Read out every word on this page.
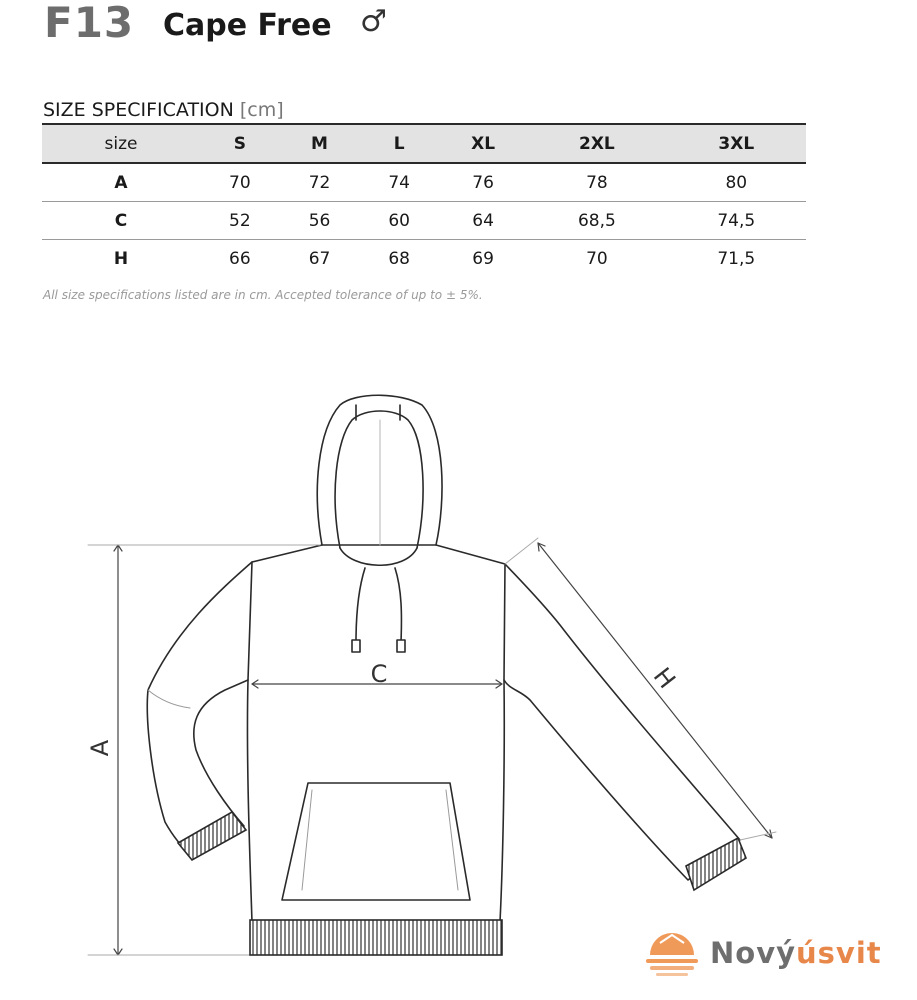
F13 Cape Free ♂
SIZE SPECIFICATION [cm]
size	S	M	L	XL	2XL	3XL
A	70	72	74	76	78	80
C	52	56	60	64	68,5	74,5
H	66	67	68	69	70	71,5
All size specifications listed are in cm. Accepted tolerance of up to ± 5%.
C
A
H
Novýúsvit
